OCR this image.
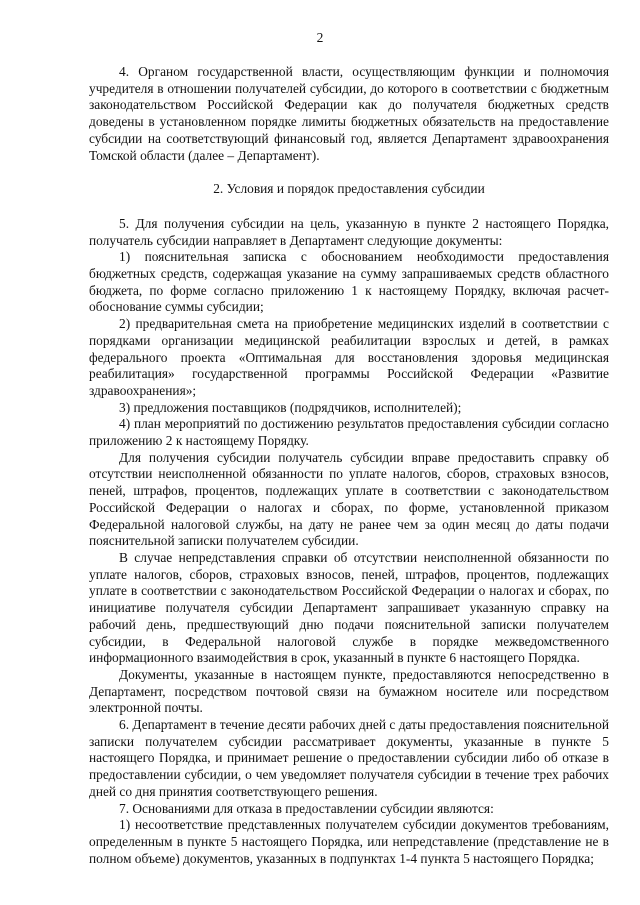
2

4. Органом государственной власти, осуществляющим функции и полномочия учредителя в отношении получателей субсидии, до которого в соответствии с бюджетным законодательством Российской Федерации как до получателя бюджетных средств доведены в установленном порядке лимиты бюджетных обязательств на предоставление субсидии на соответствующий финансовый год, является Департамент здравоохранения Томской области (далее – Департамент).

2. Условия и порядок предоставления субсидии

5. Для получения субсидии на цель, указанную в пункте 2 настоящего Порядка, получатель субсидии направляет в Департамент следующие документы:

1) пояснительная записка с обоснованием необходимости предоставления бюджетных средств, содержащая указание на сумму запрашиваемых средств областного бюджета, по форме согласно приложению 1 к настоящему Порядку, включая расчет-обоснование суммы субсидии;

2) предварительная смета на приобретение медицинских изделий в соответствии с порядками организации медицинской реабилитации взрослых и детей, в рамках федерального проекта «Оптимальная для восстановления здоровья медицинская реабилитация» государственной программы Российской Федерации «Развитие здравоохранения»;

3) предложения поставщиков (подрядчиков, исполнителей);

4) план мероприятий по достижению результатов предоставления субсидии согласно приложению 2 к настоящему Порядку.

Для получения субсидии получатель субсидии вправе предоставить справку об отсутствии неисполненной обязанности по уплате налогов, сборов, страховых взносов, пеней, штрафов, процентов, подлежащих уплате в соответствии с законодательством Российской Федерации о налогах и сборах, по форме, установленной приказом Федеральной налоговой службы, на дату не ранее чем за один месяц до даты подачи пояснительной записки получателем субсидии.

В случае непредставления справки об отсутствии неисполненной обязанности по уплате налогов, сборов, страховых взносов, пеней, штрафов, процентов, подлежащих уплате в соответствии с законодательством Российской Федерации о налогах и сборах, по инициативе получателя субсидии Департамент запрашивает указанную справку на рабочий день, предшествующий дню подачи пояснительной записки получателем субсидии, в Федеральной налоговой службе в порядке межведомственного информационного взаимодействия в срок, указанный в пункте 6 настоящего Порядка.

Документы, указанные в настоящем пункте, предоставляются непосредственно в Департамент, посредством почтовой связи на бумажном носителе или посредством электронной почты.

6. Департамент в течение десяти рабочих дней с даты предоставления пояснительной записки получателем субсидии рассматривает документы, указанные в пункте 5 настоящего Порядка, и принимает решение о предоставлении субсидии либо об отказе в предоставлении субсидии, о чем уведомляет получателя субсидии в течение трех рабочих дней со дня принятия соответствующего решения.

7. Основаниями для отказа в предоставлении субсидии являются:

1) несоответствие представленных получателем субсидии документов требованиям, определенным в пункте 5 настоящего Порядка, или непредставление (представление не в полном объеме) документов, указанных в подпунктах 1-4 пункта 5 настоящего Порядка;
